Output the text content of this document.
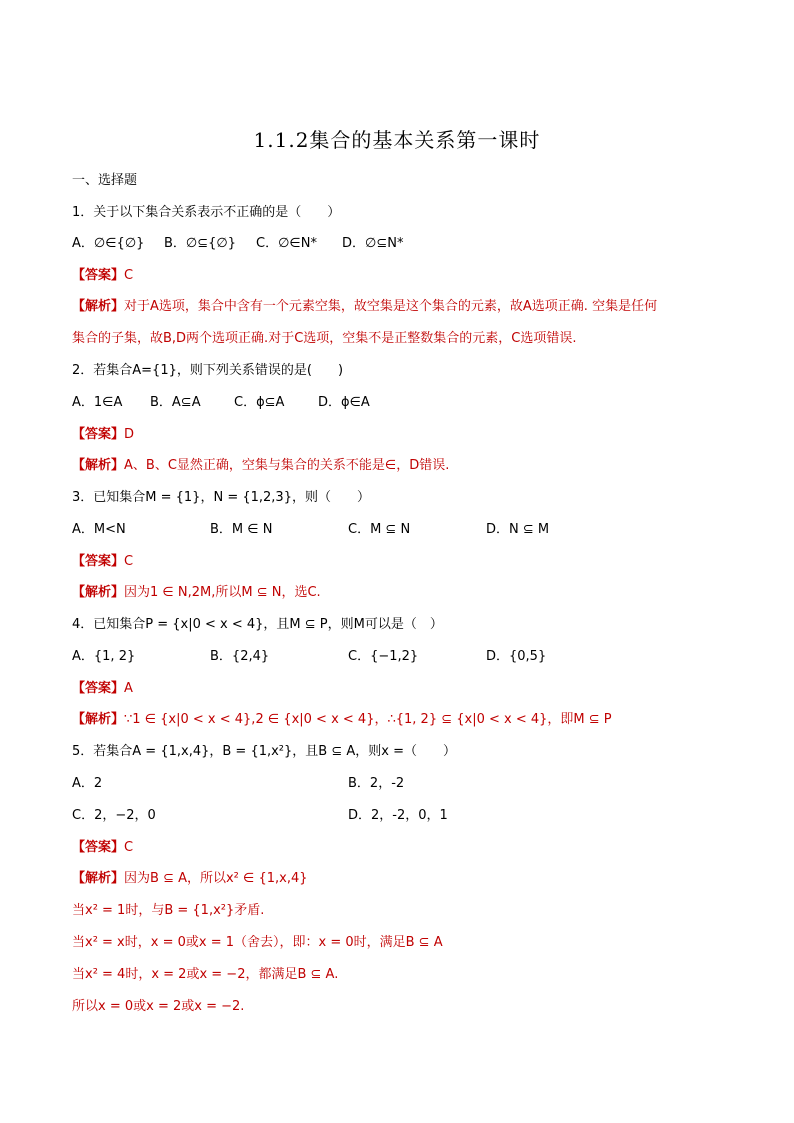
1.1.2集合的基本关系第一课时
一、选择题
1．关于以下集合关系表示不正确的是（　　）
A．∅∈{∅} B．∅⊆{∅} C．∅∈N* D．∅⊆N*
【答案】C
【解析】对于A选项，集合中含有一个元素空集，故空集是这个集合的元素，故A选项正确. 空集是任何
集合的子集，故B,D两个选项正确.对于C选项，空集不是正整数集合的元素，C选项错误.
2．若集合A={1}，则下列关系错误的是(　　)
A．1∈A B．A⊆A	C．ϕ⊆A	D．ϕ∈A
【答案】D
【解析】A、B、C显然正确，空集与集合的关系不能是∈，D错误.
3．已知集合M = {1}，N = {1,2,3}，则（　　）
A．M<N	B．M ∈ N	C．M ⊆ N	D．N ⊆ M
【答案】C
【解析】因为1 ∈ N,2M,所以M ⊆ N，选C.
4．已知集合P = {x|0 < x < 4}，且M ⊆ P，则M可以是（　）
A．{1, 2}	B．{2,4}	C．{−1,2}	D．{0,5}
【答案】A
【解析】∵1 ∈ {x|0 < x < 4},2 ∈ {x|0 < x < 4}，∴{1, 2} ⊆ {x|0 < x < 4}，即M ⊆ P
5．若集合A = {1,x,4}，B = {1,x²}，且B ⊆ A，则x =（　　）
A．2	B．2，-2
C．2，−2，0	D．2，-2，0，1
【答案】C
【解析】因为B ⊆ A，所以x² ∈ {1,x,4}
当x² = 1时，与B = {1,x²}矛盾.
当x² = x时，x = 0或x = 1（舍去），即：x = 0时，满足B ⊆ A
当x² = 4时，x = 2或x = −2，都满足B ⊆ A.
所以x = 0或x = 2或x = −2.
